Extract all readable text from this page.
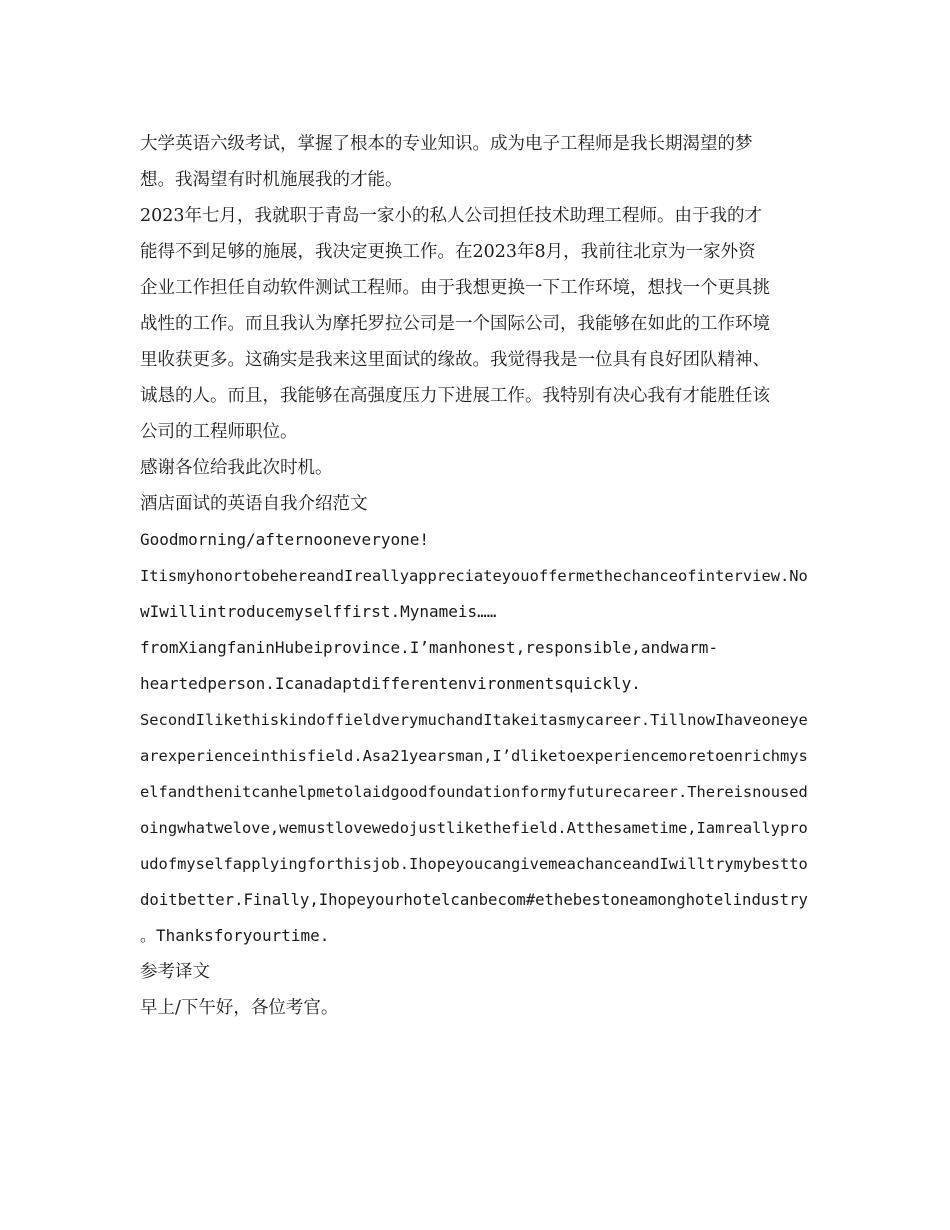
大学英语六级考试，掌握了根本的专业知识。成为电子工程师是我长期渴望的梦
想。我渴望有时机施展我的才能。
2023年七月，我就职于青岛一家小的私人公司担任技术助理工程师。由于我的才
能得不到足够的施展，我决定更换工作。在2023年8月，我前往北京为一家外资
企业工作担任自动软件测试工程师。由于我想更换一下工作环境，想找一个更具挑
战性的工作。而且我认为摩托罗拉公司是一个国际公司，我能够在如此的工作环境
里收获更多。这确实是我来这里面试的缘故。我觉得我是一位具有良好团队精神、
诚恳的人。而且，我能够在高强度压力下进展工作。我特别有决心我有才能胜任该
公司的工程师职位。
感谢各位给我此次时机。
酒店面试的英语自我介绍范文
Goodmorning/afternooneveryone!
ItismyhonortobehereandIreallyappreciateyouoffermethechanceofinterview.No
wIwillintroducemyselffirst.Mynameis……
fromXiangfaninHubeiprovince.I’manhonest,responsible,andwarm-
heartedperson.Icanadaptdifferentenvironmentsquickly.
SecondIlikethiskindoffieldverymuchandItakeitasmycareer.TillnowIhaveoneye
arexperienceinthisfield.Asa21yearsman,I’dliketoexperiencemoretoenrichmys
elfandthenitcanhelpmetolaidgoodfoundationformyfuturecareer.Thereisnoused
oingwhatwelove,wemustlovewedojustlikethefield.Atthesametime,Iamreallypro
udofmyselfapplyingforthisjob.IhopeyoucangivemeachanceandIwilltrymybestto
doitbetter.Finally,Ihopeyourhotelcanbecom#ethebestoneamonghotelindustry
。Thanksforyourtime.
参考译文
早上/下午好，各位考官。
